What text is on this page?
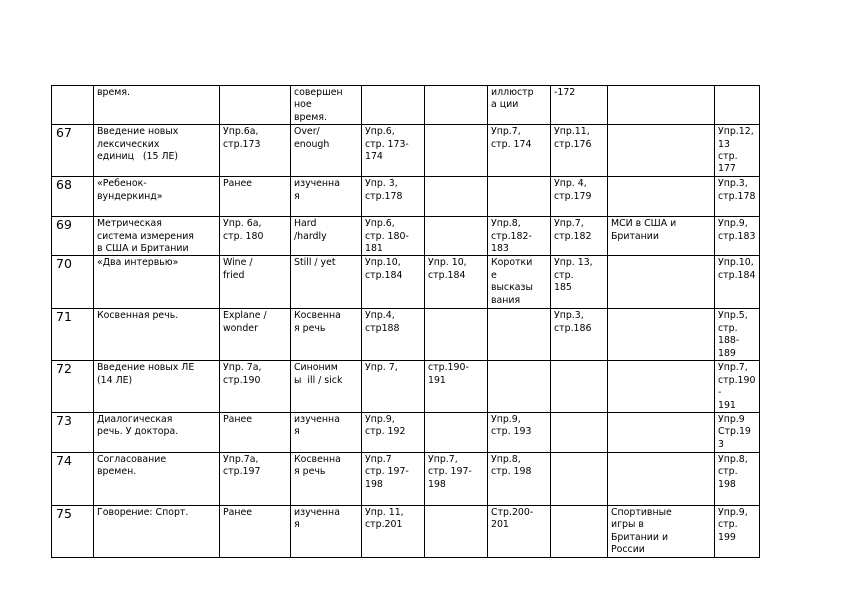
	время.		совершен
ное
время.			иллюстр
а ции	-172		
67	Введение новых
лексических
единиц   (15 ЛЕ)	Упр.6а,
стр.173	Over/
enough	Упр.6,
стр. 173-
174		Упр.7,
стр. 174	Упр.11,
стр.176		Упр.12, 13
стр. 177
68	«Ребенок-
вундеркинд»	Ранее	изученна
я	Упр. 3,
стр.178			Упр. 4,
стр.179		Упр.3,
стр.178
69	Метрическая
система измерения
в США и Британии	Упр. 6а,
стр. 180	Hard
/hardly	Упр.6,
стр. 180-
181		Упр.8,
стр.182-
183	Упр.7,
стр.182	МСИ в США и
Британии	Упр.9,
стр.183
70	«Два интервью»	Wine /
fried	Still / yet	Упр.10,
стр.184	Упр. 10,
стр.184	Коротки
е
высказы
вания	Упр. 13,
стр.
185		Упр.10,
стр.184
71	Косвенная речь.	Explane /
wonder	Косвенна
я речь	Упр.4,
стр188			Упр.3,
стр.186		Упр.5,
стр. 188-
189
72	Введение новых ЛЕ
(14 ЛЕ)	Упр. 7а,
стр.190	Синоним
ы  ill / sick	Упр. 7,	стр.190-
191				Упр.7,
стр.190-
191
73	Диалогическая
речь. У доктора.	Ранее	изученна
я	Упр.9,
стр. 192		Упр.9,
стр. 193			Упр.9
Стр.193
74	Согласование
времен.	Упр.7а,
стр.197	Косвенна
я речь	Упр.7
стр. 197-
198	Упр.7,
стр. 197-
198	Упр.8,
стр. 198			Упр.8,
стр. 198
75	Говорение: Спорт.	Ранее	изученна
я	Упр. 11,
стр.201		Стр.200-
201		Спортивные
игры в
Британии и
России	Упр.9,
стр. 199
